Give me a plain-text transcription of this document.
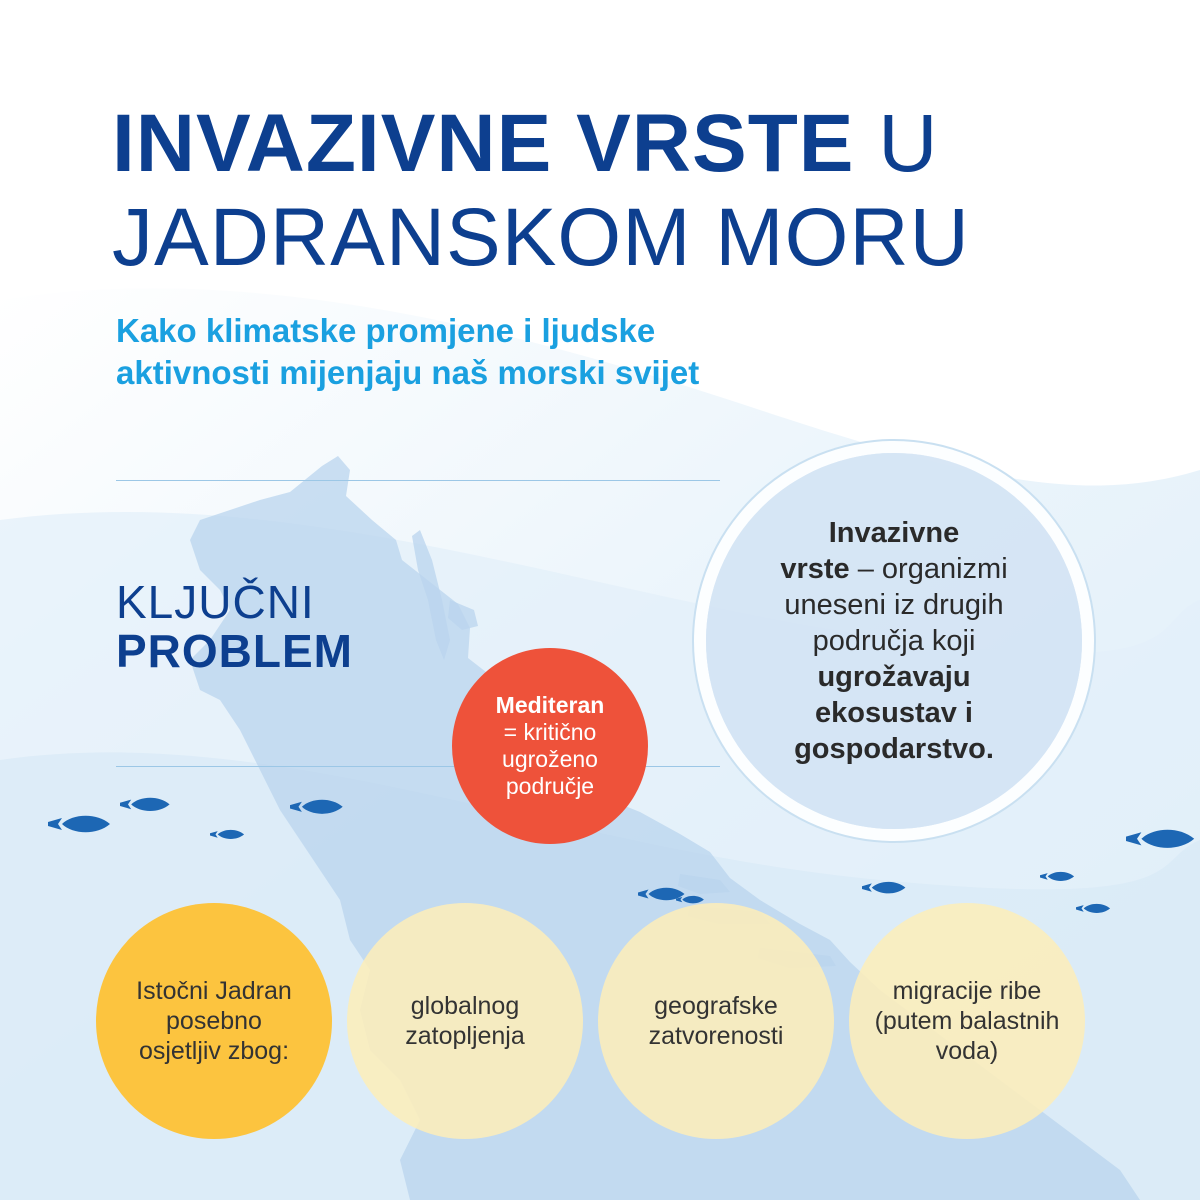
INVAZIVNE VRSTE U
JADRANSKOM MORU
Kako klimatske promjene i ljudske
aktivnosti mijenjaju naš morski svijet
KLJUČNI
PROBLEM
Invazivne
vrste – organizmi uneseni iz drugih područja koji ugrožavaju ekosustav i gospodarstvo.
Mediteran
= kritično
ugroženo
područje
Istočni Jadran
posebno
osjetljiv zbog:
globalnog
zatopljenja
geografske
zatvorenosti
migracije ribe
(putem balastnih
voda)
